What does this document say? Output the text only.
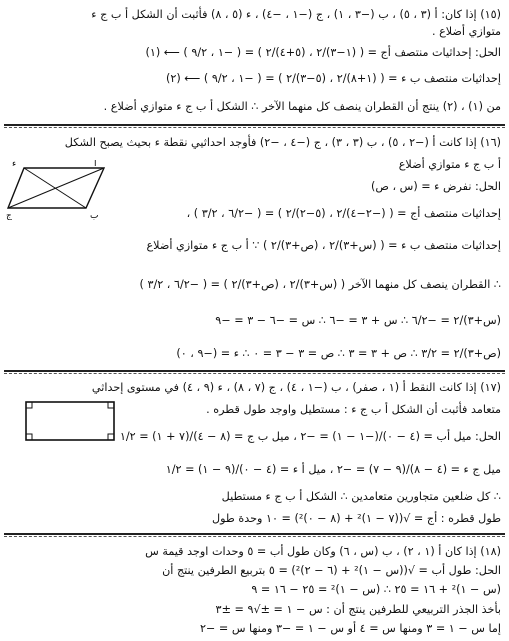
(١٥) إذا كان: أ (٣ ، ٥) ، ب (−٣ ، ١) ، ج (−١ ، −٤) ، ء (٥ ، ٨) فأثبت أن الشكل أ ب ج ء
متوازي أضلاع .
الحل: إحداثيات منتصف أج = ( (١−٣)/٢ ، (٥+٤)/٢ ) = ( −١ ، ٩/٢ ) ⟵ (١)
إحداثيات منتصف ب ء = ( (١+٨)/٢ ، (٥−٣)/٢ ) = ( −١ ، ٩/٢ ) ⟵ (٢)
من (١) ، (٢) ينتج أن القطران ينصف كل منهما الآخر ∴ الشكل أ ب ج ء متوازي أضلاع .
(١٦) إذا كانت أ (−٢ ، ٥) ، ب (٣ ، ٣) ، ج (−٤ ، −٢) فأوجد احداثيي نقطة ء بحيث يصبح الشكل
أ ب ج ء متوازي أضلاع
الحل: نفرض ء = (س ، ص)
إحداثيات منتصف أج = ( (−٢−٤)/٢ ، (٥−٢)/٢ ) = ( −٦/٢ ، ٣/٢ ) ،
إحداثيات منتصف ب ء = ( (س+٣)/٢ ، (ص+٣)/٢ ) ∵ أ ب ج ء متوازي أضلاع
∴ القطران ينصف كل منهما الآخر ( (س+٣)/٢ ، (ص+٣)/٢ ) = ( −٦/٢ ، ٣/٢ )
(س+٣)/٢ = −٦/٢ ∴ س + ٣ = −٦ ∴ س = −٦ − ٣ = −٩
(ص+٣)/٢ = ٣/٢ ∴ ص + ٣ = ٣ ∴ ص = ٣ − ٣ = ٠ ∴ ء = (−٩ ، ٠)
أ
ب
ج
ء
(١٧) إذا كانت النقط أ (١ ، صفر) ، ب (−١ ، ٤) ، ج (٧ ، ٨) ، ء (٩ ، ٤) في مستوى إحداثي
متعامد فأثبت أن الشكل أ ب ج ء : مستطيل واوجد طول قطره .
الحل: ميل أب = (٤ − ٠)/(−١ − ١) = −٢ ، ميل ب ج = (٨ − ٤)/(٧ + ١) = ١/٢
ميل ج ء = (٤ − ٨)/(٩ − ٧) = −٢ ، ميل أ ء = (٤ − ٠)/(٩ − ١) = ١/٢
∴ كل ضلعين متجاورين متعامدين ∴ الشكل أ ب ج ء مستطيل
طول قطره : أج = √((٧ − ١)² + (٨ − ٠)²) = ١٠ وحدة طول
(١٨) إذا كان أ (١ ، ٢) ، ب (س ، ٦) وكان طول أب = ٥ وحدات اوجد قيمة س
الحل: طول أب = √((س − ١)² + (٦ − ٢)²) = ٥ بتربيع الطرفين ينتج أن
(س − ١)² + ١٦ = ٢٥ ∴ (س − ١)² = ٢٥ − ١٦ = ٩
بأخذ الجذر التربيعي للطرفين ينتج أن : س − ١ = ±√٩ = ±٣
إما س − ١ = ٣ ومنها س = ٤ أو س − ١ = −٣ ومنها س = −٢
